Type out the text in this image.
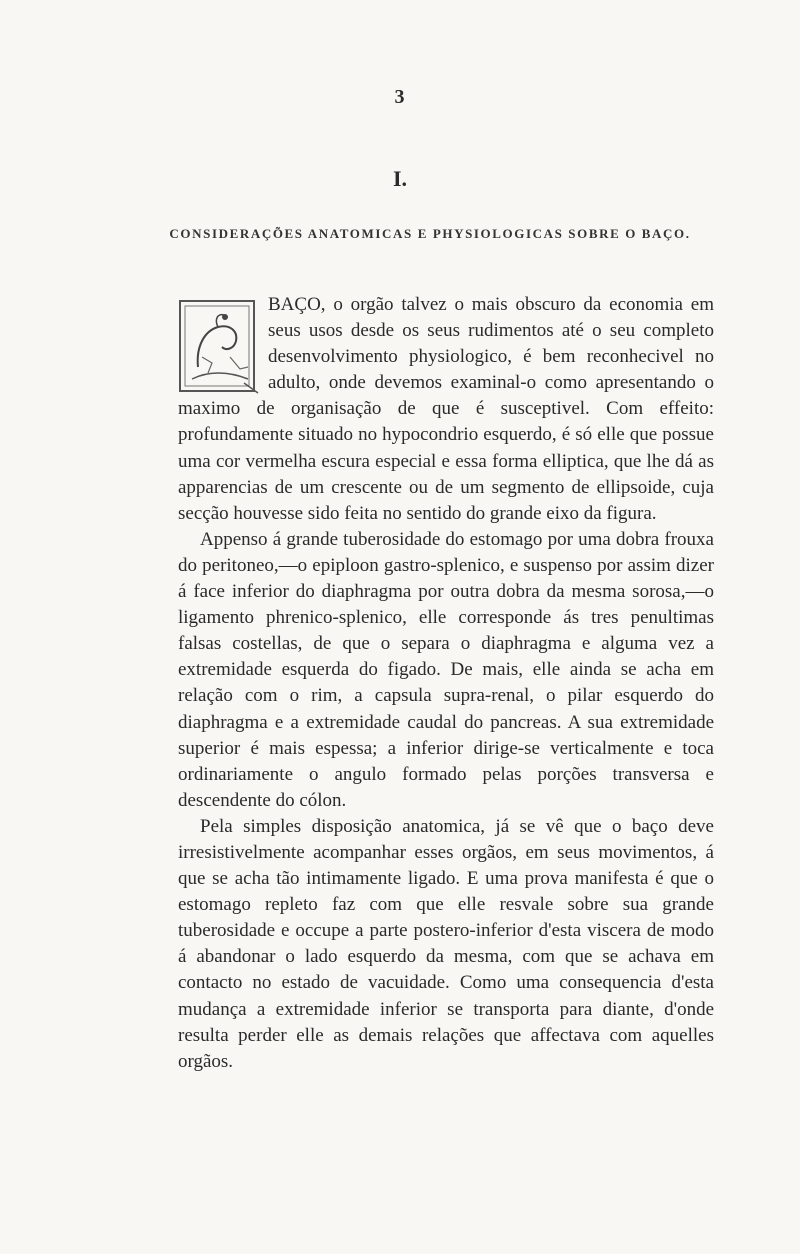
3
I.
CONSIDERAÇÕES ANATOMICAS E PHYSIOLOGICAS SOBRE O BAÇO.

BAÇO, o orgão talvez o mais obscuro da economia em seus usos desde os seus rudimentos até o seu completo desenvolvimento physiologico, é bem reconhecivel no adulto, onde devemos examinal-o como apresentando o maximo de organisação de que é susceptivel. Com effeito: profundamente situado no hypocondrio esquerdo, é só elle que possue uma cor vermelha escura especial e essa forma elliptica, que lhe dá as apparencias de um crescente ou de um segmento de ellipsoide, cuja secção houvesse sido feita no sentido do grande eixo da figura.

Appenso á grande tuberosidade do estomago por uma dobra frouxa do peritoneo,—o epiploon gastro-splenico, e suspenso por assim dizer á face inferior do diaphragma por outra dobra da mesma sorosa,—o ligamento phrenico-splenico, elle corresponde ás tres penultimas falsas costellas, de que o separa o diaphragma e alguma vez a extremidade esquerda do figado. De mais, elle ainda se acha em relação com o rim, a capsula supra-renal, o pilar esquerdo do diaphragma e a extremidade caudal do pancreas. A sua extremidade superior é mais espessa; a inferior dirige-se verticalmente e toca ordinariamente o angulo formado pelas porções transversa e descendente do cólon.

Pela simples disposição anatomica, já se vê que o baço deve irresistivelmente acompanhar esses orgãos, em seus movimentos, á que se acha tão intimamente ligado. E uma prova manifesta é que o estomago repleto faz com que elle resvale sobre sua grande tuberosidade e occupe a parte postero-inferior d'esta viscera de modo á abandonar o lado esquerdo da mesma, com que se achava em contacto no estado de vacuidade. Como uma consequencia d'esta mudança a extremidade inferior se transporta para diante, d'onde resulta perder elle as demais relações que affectava com aquelles orgãos.
